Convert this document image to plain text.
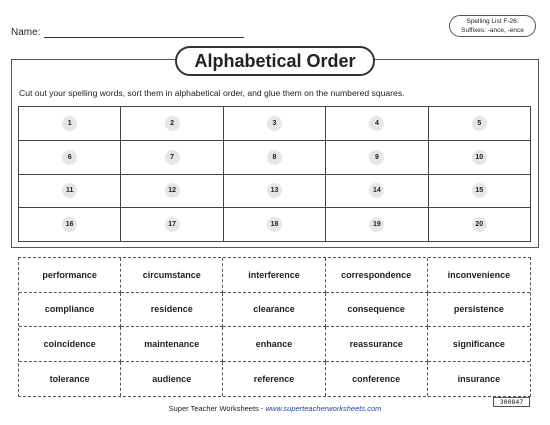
Name:
Spelling List F-26:
Suffixes: -ance, -ence
Alphabetical Order
Cut out your spelling words, sort them in alphabetical order, and glue them on the numbered squares.
1	2	3	4	5
6	7	8	9	10
11	12	13	14	15
16	17	18	19	20
performance	circumstance	interference	correspondence	inconvenience
compliance	residence	clearance	consequence	persistence
coincidence	maintenance	enhance	reassurance	significance
tolerance	audience	reference	conference	insurance
300847
Super Teacher Worksheets - www.superteacherworksheets.com
